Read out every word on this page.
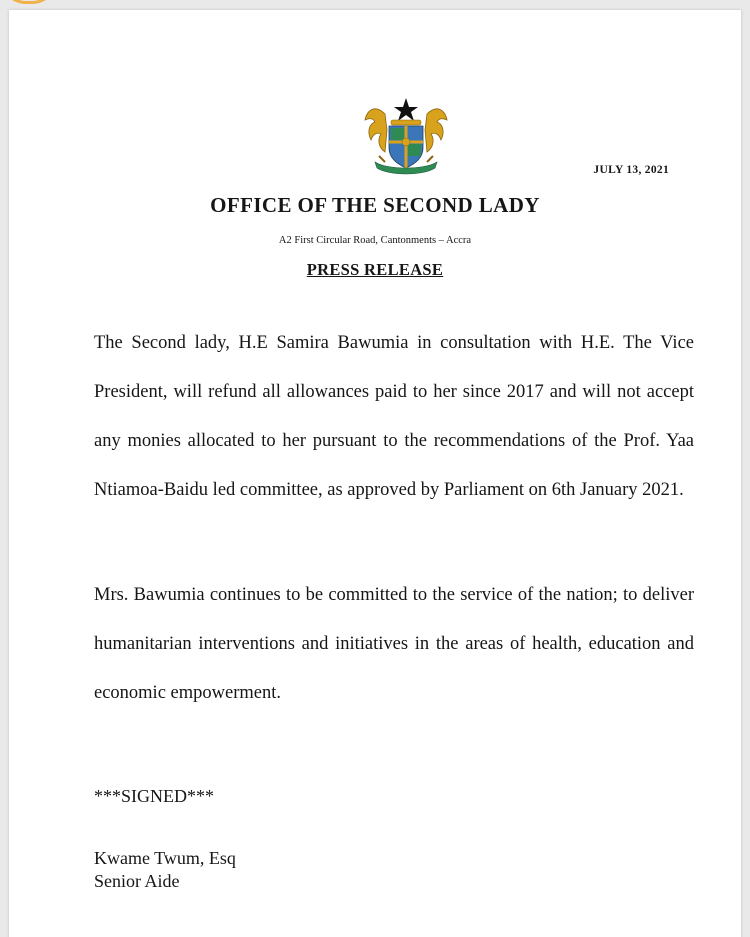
JULY 13, 2021
OFFICE OF THE SECOND LADY
A2 First Circular Road, Cantonments – Accra
PRESS RELEASE

The Second lady, H.E Samira Bawumia in consultation with H.E. The Vice President, will refund all allowances paid to her since 2017 and will not accept any monies allocated to her pursuant to the recommendations of the Prof. Yaa Ntiamoa-Baidu led committee, as approved by Parliament on 6th January 2021.

Mrs. Bawumia continues to be committed to the service of the nation; to deliver humanitarian interventions and initiatives in the areas of health, education and economic empowerment.

***SIGNED***
Kwame Twum, Esq
Senior Aide
